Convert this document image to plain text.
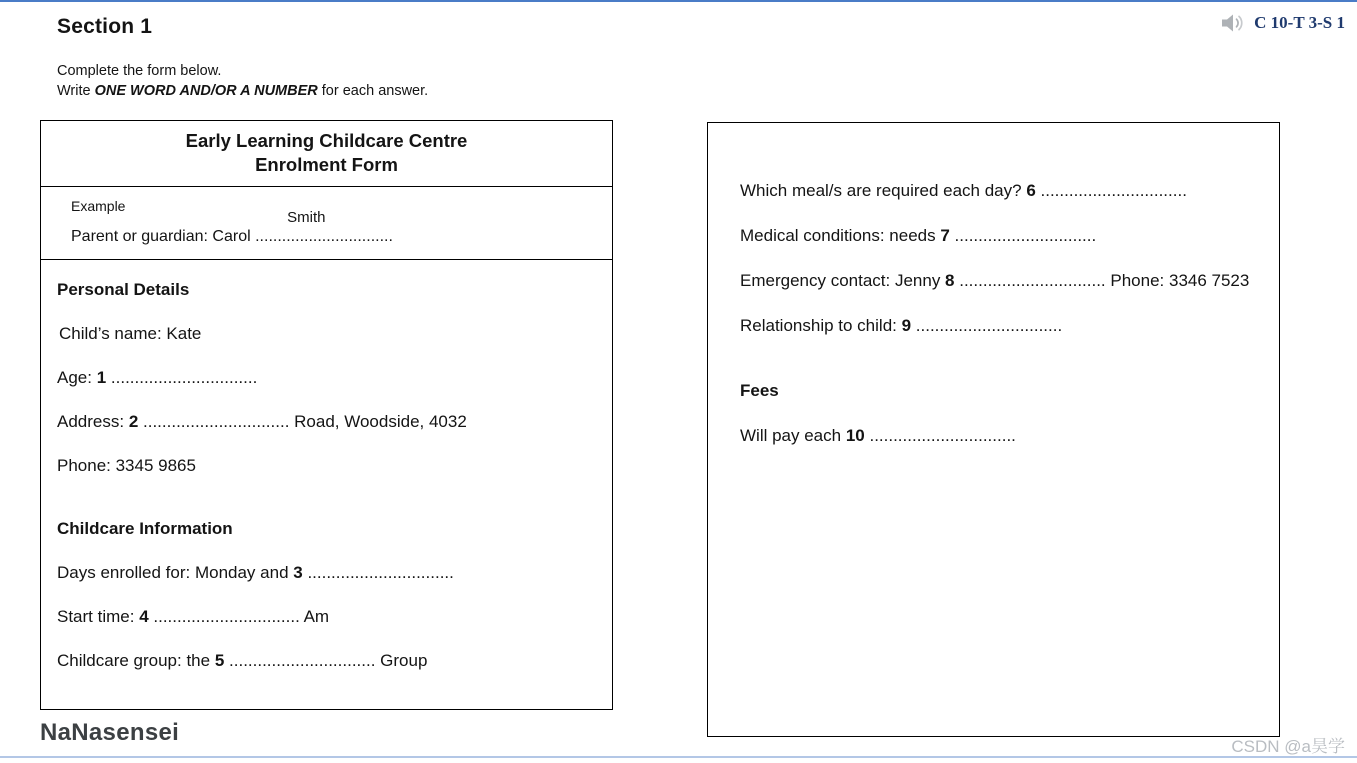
Section 1	C 10-T 3-S 1
Complete the form below.
Write ONE WORD AND/OR A NUMBER for each answer.
Early Learning Childcare Centre
Enrolment Form
Example
Parent or guardian: Carol ...............................
Smith
Personal Details
Child’s name: Kate
Age: 1 ...............................
Address: 2 ............................... Road, Woodside, 4032
Phone: 3345 9865
Childcare Information
Days enrolled for: Monday and 3 ...............................
Start time: 4 ............................... Am
Childcare group: the 5 ............................... Group
Which meal/s are required each day? 6 ...............................
Medical conditions: needs 7 ..............................
Emergency contact: Jenny 8 ............................... Phone: 3346 7523
Relationship to child: 9 ...............................
Fees
Will pay each 10 ...............................
NaNasensei
CSDN @a昊学
